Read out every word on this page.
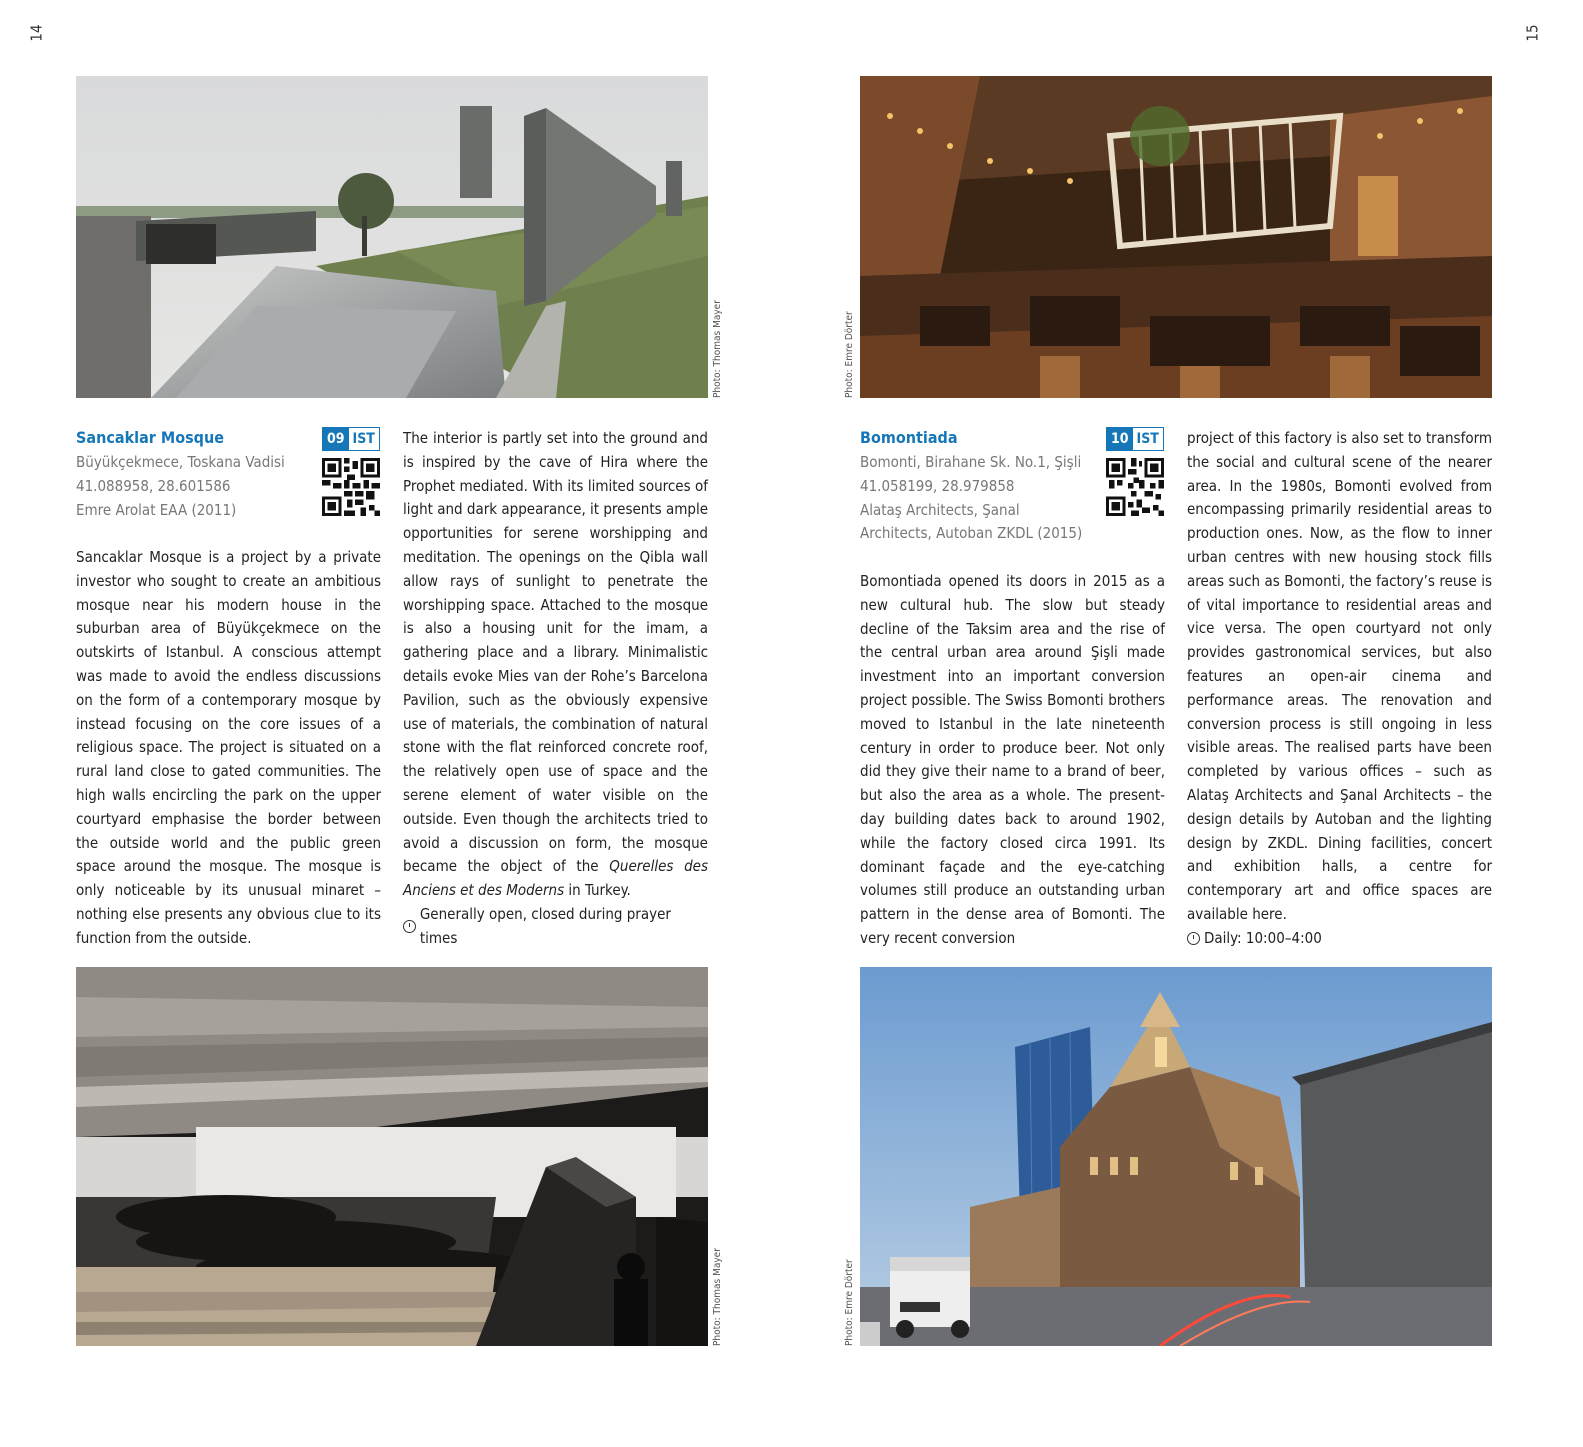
14	15
Photo: Thomas Mayer
Sancaklar Mosque	09 IST
Büyükçekmece, Toskana Vadisi
41.088958, 28.601586
Emre Arolat EAA (2011)

Sancaklar Mosque is a project by a private investor who sought to create an ambitious mosque near his modern house in the suburban area of Büyükçekmece on the outskirts of Istanbul. A conscious attempt was made to avoid the endless discussions on the form of a contemporary mosque by instead focusing on the core issues of a religious space. The project is situated on a rural land close to gated communities. The high walls encircling the park on the upper courtyard emphasise the border between the outside world and the public green space around the mosque. The mosque is only noticeable by its unusual minaret – nothing else presents any obvious clue to its function from the outside.

The interior is partly set into the ground and is inspired by the cave of Hira where the Prophet mediated. With its limited sources of light and dark appearance, it presents ample opportunities for serene worshipping and meditation. The openings on the Qibla wall allow rays of sunlight to penetrate the worshipping space. Attached to the mosque is also a housing unit for the imam, a gathering place and a library. Minimalistic details evoke Mies van der Rohe’s Barcelona Pavilion, such as the obviously expensive use of materials, the combination of natural stone with the flat reinforced concrete roof, the relatively open use of space and the serene element of water visible on the outside. Even though the architects tried to avoid a discussion on form, the mosque became the object of the Querelles des Anciens et des Moderns in Turkey.

Generally open, closed during prayer times
Photo: Thomas Mayer
Photo: Emre Dörter
Bomontiada	10 IST
Bomonti, Birahane Sk. No.1, Şişli
41.058199, 28.979858
Alataş Architects, Şanal
Architects, Autoban ZKDL (2015)

Bomontiada opened its doors in 2015 as a new cultural hub. The slow but steady decline of the Taksim area and the rise of the central urban area around Şişli made investment into an important conversion project possible. The Swiss Bomonti brothers moved to Istanbul in the late nineteenth century in order to produce beer. Not only did they give their name to a brand of beer, but also the area as a whole. The present-day building dates back to around 1902, while the factory closed circa 1991. Its dominant façade and the eye-catching volumes still produce an outstanding urban pattern in the dense area of Bomonti. The very recent conversion

project of this factory is also set to transform the social and cultural scene of the nearer area. In the 1980s, Bomonti evolved from encompassing primarily residential areas to production ones. Now, as the flow to inner urban centres with new housing stock fills areas such as Bomonti, the factory’s reuse is of vital importance to residential areas and vice versa. The open courtyard not only provides gastronomical services, but also features an open-air cinema and performance areas. The renovation and conversion process is still ongoing in less visible areas. The realised parts have been completed by various offices – such as Alataş Architects and Şanal Architects – the design details by Autoban and the lighting design by ZKDL. Dining facilities, concert and exhibition halls, a centre for contemporary art and office spaces are available here.

Daily: 10:00–4:00
Photo: Emre Dörter
